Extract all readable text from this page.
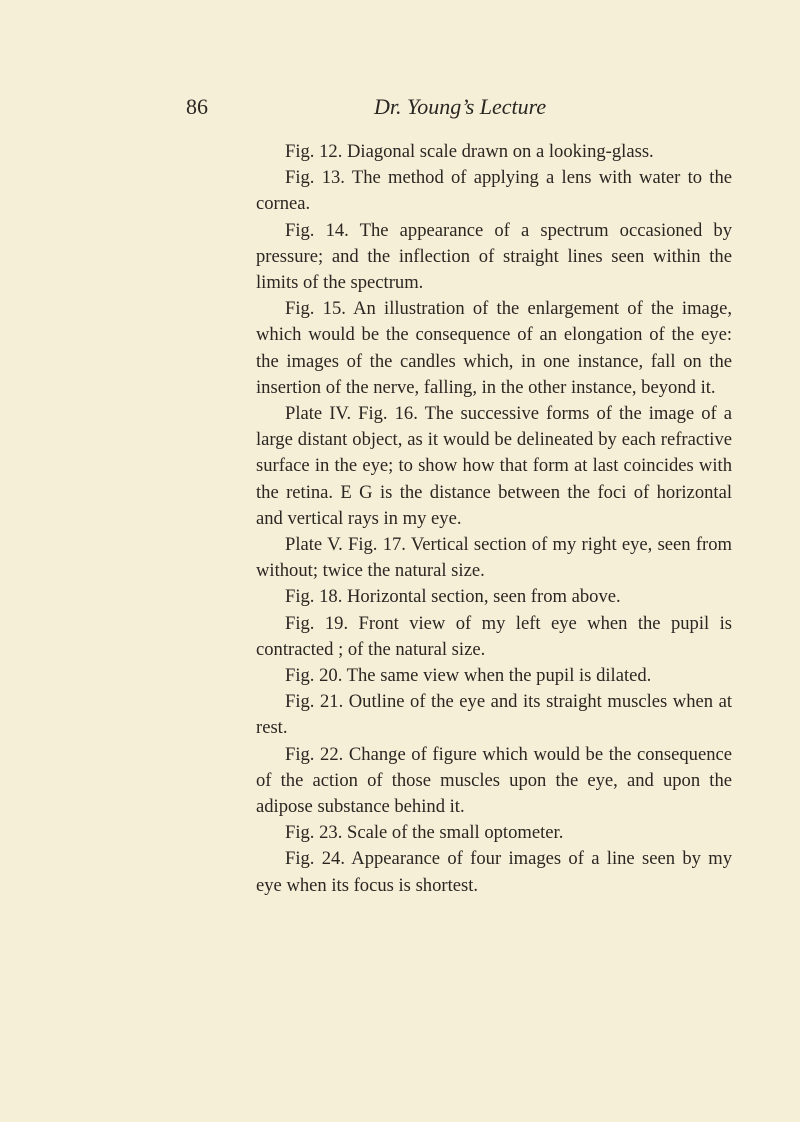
86	Dr. Young’s Lecture

Fig. 12. Diagonal scale drawn on a looking-glass.

Fig. 13. The method of applying a lens with water to the cornea.

Fig. 14. The appearance of a spectrum occasioned by pressure; and the inflection of straight lines seen within the limits of the spectrum.

Fig. 15. An illustration of the enlargement of the image, which would be the consequence of an elongation of the eye: the images of the candles which, in one instance, fall on the insertion of the nerve, falling, in the other instance, beyond it.

Plate IV. Fig. 16. The successive forms of the image of a large distant object, as it would be delineated by each refractive surface in the eye; to show how that form at last coincides with the retina. E G is the distance between the foci of horizontal and vertical rays in my eye.

Plate V. Fig. 17. Vertical section of my right eye, seen from without; twice the natural size.

Fig. 18. Horizontal section, seen from above.

Fig. 19. Front view of my left eye when the pupil is contracted ; of the natural size.

Fig. 20. The same view when the pupil is dilated.

Fig. 21. Outline of the eye and its straight muscles when at rest.

Fig. 22. Change of figure which would be the consequence of the action of those muscles upon the eye, and upon the adipose substance behind it.

Fig. 23. Scale of the small optometer.

Fig. 24. Appearance of four images of a line seen by my eye when its focus is shortest.
